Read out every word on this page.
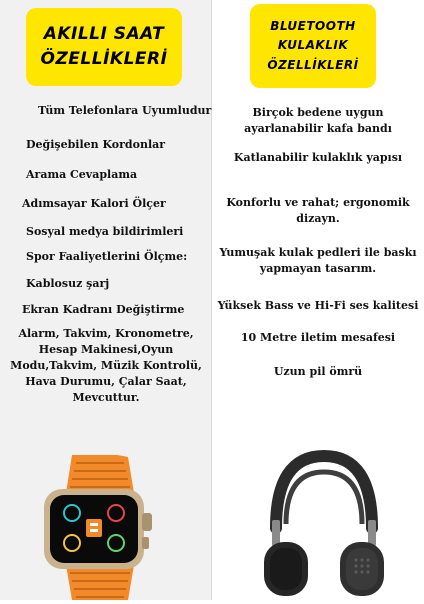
AKILLI SAAT
ÖZELLİKLERİ
BLUETOOTH
KULAKLIK
ÖZELLİKLERİ
Tüm Telefonlara Uyumludur
Değişebilen Kordonlar
Arama Cevaplama
Adımsayar Kalori Ölçer
Sosyal medya bildirimleri
Spor Faaliyetlerini Ölçme:
Kablosuz şarj
Ekran Kadranı Değiştirme
Alarm, Takvim, Kronometre,
Hesap Makinesi,Oyun
Modu,Takvim, Müzik Kontrolü,
Hava Durumu, Çalar Saat,
Mevcuttur.
Birçok bedene uygun
ayarlanabilir kafa bandı
Katlanabilir kulaklık yapısı
Konforlu ve rahat; ergonomik
dizayn.
Yumuşak kulak pedleri ile baskı
yapmayan tasarım.
Yüksek Bass ve Hi-Fi ses kalitesi
10 Metre iletim mesafesi
Uzun pil ömrü
